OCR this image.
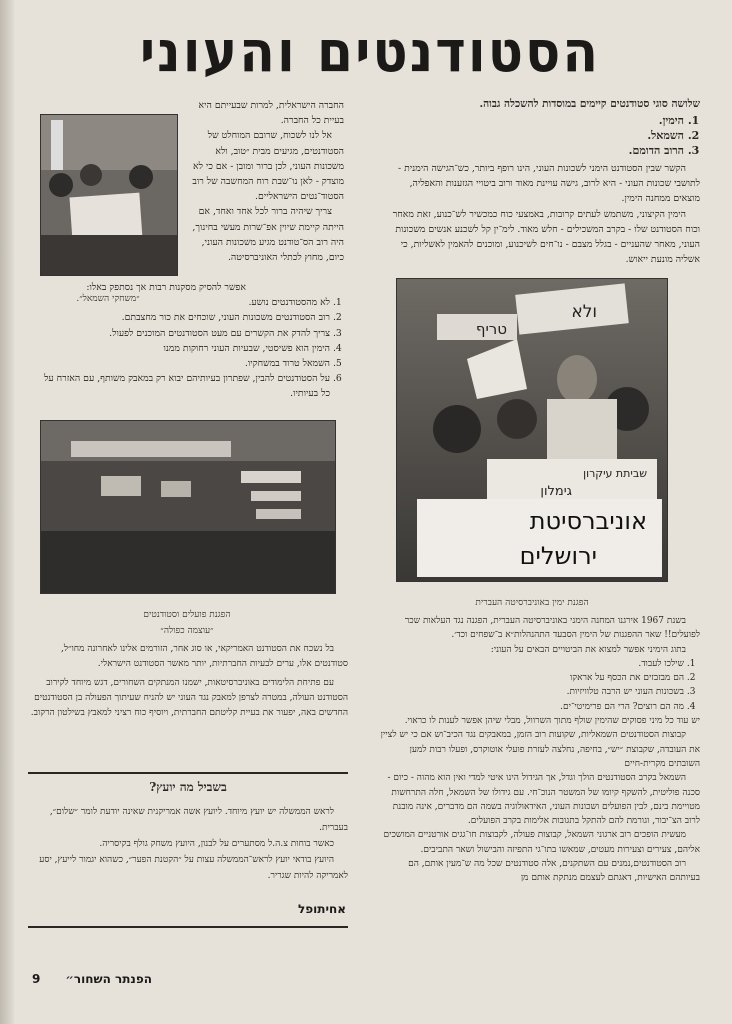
הסטודנטים והעוני

שלושה סוגי סטודנטים קיימים במוסדות להשכלה גבוה.

1. הימין.
2. השמאל.
3. הרוב הדומם.

הקשר שבין הסטודנט הימני לשכונות העוני, הינו רופף ביותר, כש־הגישה הימנית - לתושבי שכונות העוני - היא לרוב, גישה עויינת מאוד ורוב ביטויי הגזענות והאפליה, מוצאים ממחנה הימין.

הימין הקיצוני, משתמש לעתים קרובות, באמצעי כוח כמכשיר לש־כנוע, זאת מאחר וכוח הסטודנט שלו - בקרב המשכילים - חלש מאוד. לימ־ין קל לשכנע אנשים משכונות העוני, מאחר שהעניים - בגלל מצבם - נו־חים לשיכנוע, ומוכנים להאמין לאשליות, כי אשליה מונעת ייאוש.

ולא
טריף
שביתת עיקרון
גימלון
אוניברסיטת
ירושלים
הפגנת ימין באוניברסיטה העברית

בשנת 1967 אירגנו המחנה הימני באוניברסיטה העברית, הפגנה נגד העלאות שכר לפועלים!! שאר ההפגנות של הימין הסבעד התהנהלות״א ב־שפחים וכד׳.

בתוג הימיני אפשר למצוא את הביטויים הבאים על העוני:

1. שילכו לעבוד.
2. הם מבזבזים את הכסף על אראקו
3. בשכונות העוני יש הרבה טלוויזיות.
4. מה הם רוצים? הרי הם פרימיטי־ים.

יש עוד כל מיני פסוקים שהימין שולף מתוך השרוול, מבלי שיהן אפשר לענות לו כראוי.

קבוצות הסטודנטים השמאליות, שקועות רוב הזמן, במאבקים נגד הכיב־וש אם כי יש לציין את העובדה, שקבוצת ״יש״, בחיפה, נחלצה לעזרת פועלי אוטוקרס, ופעלו רבות למען השובתים מקרית-חיים

השמאל בקרב הסטודנטים הולך וגדל, אך הגידול הינו איטי למדי ואין הוא מהוה - כיום - סכנה פוליטית, להשקף קיומו של המשטר הנוכ־חי. עם גידולו של השמאל, חלה התרחשות מטויימת בינם, לבין הפועלים ושכונות העוני, האידאולוגיה בשמה הם מדברים, אינה מובנת לרוב הצ־יבור, וגורמת להם להתקל בתגובות אלימות בקרב הפועלים.

מעשית הופכים רוב ארגוני השמאל, קבוצות פעולה, לקבוצות חו־גגים אורטניים המושכים אליהם, צעירים וצעירות מעטים, שמאשו בתו־גי התפיזה והבישול ושאר התביבים.

רוב הסטודנטים,נמנים עם השתקנים, אלה סטודנטים שכל מה ש־מעין אותם, הם בעיותהם האישיות, דאגתם לעצמם מנתקת אותם מן

״משחקי השמאל״.

החברה הישראלית, למרות שבעייתם היא בעיית כל החברה.

אל לנו לשכוח, שרובם המוחלט של הסטודנטים, מגיעים מבית ״טוב, ולא משכונות העוני, לכן ברור ומובן - אם כי לא מוצדק - לאן נו־שבת רוח המחשבה של רוב הסטוד־נטים הישראליים.

צריך שיהיה ברור לכל אחד ואחד, אם הייתה קיימת שיוין אפ־שרות מעשי בחינוך, היה רוב הס־טודנט מגיע משכונות העוני, כיום, מחוץ לכתלי האוניברסיטה.

אפשר להסיק מסקנות רבות אך נסתפק באלו:

1. לא מהסטודנטים נושע.
2. רוב הסטודנטים משכונות העוני, שוכחים את כור מחצבתם.
3. צריך להדק את הקשרים עם מעט הסטודנטים המוכנים לפעול.
4. הימין הוא פשיסטי, שבעיות העוני רחוקות ממנו
5. השמאל טרוד במשחקיו.
6. על הסטודנטים להבין, שפתרון בעיותיהם יבוא רק במאבק משותף, עם האזרח על כל בעיותיו.
הפגנת פועלים וסטודנטים
״עוצמה כפולה״

בל נשכח את הסטודנט האמריקאי, או סוג אחר, הזורמים אלינו לאחרונה מחו״ל, סטודנטים אלו, ערים לבעיות החברתיות, יותר מאשר הסטודנט הישראלי.

עם פתיחת הלימודים באוניברסיטאות, ישמנו המנתקים השחורים, דגש מיוחד לקירוב הסטודנט העולה, במטרה לצרפן למאבק נגד העוני יש להניח שעיתוך הפעולה בן הסטודנטים החדשים באה, יפעור את בעיית קליטתם החברתית, ויוסיף כוח רציני למאבץ בשילטון הרקוב.

בשביל מה יועץ?

לראש הממשלה יש יועץ מיוחד. ליועץ אשה אמריקנית שאינה יודעת לומר ״שלום״, בעברית.

כאשר בוחות צ.ה.ל מסתערים על לבנון, היועץ משחק גולף בקיסריה.

היועץ בודאי יועץ לראש־הממשלה עצות על ״הקטנת הפער״, כשהוא יגמור לייעץ, יסע לאמריקה להיות שגריר.

אחיתופל
הפנתר השחור״
9
